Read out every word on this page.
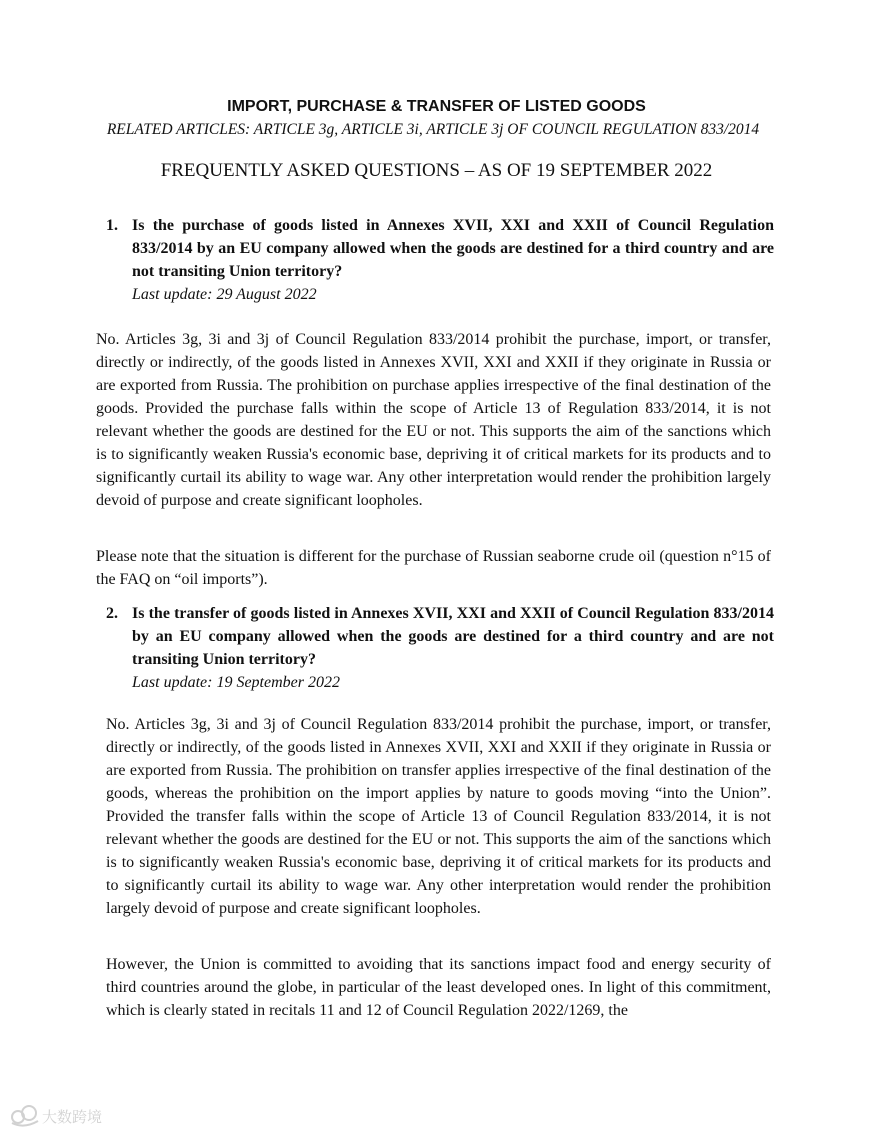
IMPORT, PURCHASE & TRANSFER OF LISTED GOODS

RELATED ARTICLES: ARTICLE 3g, ARTICLE 3i, ARTICLE 3j OF COUNCIL REGULATION 833/2014

FREQUENTLY ASKED QUESTIONS – AS OF 19 SEPTEMBER 2022

1. Is the purchase of goods listed in Annexes XVII, XXI and XXII of Council Regulation 833/2014 by an EU company allowed when the goods are destined for a third country and are not transiting Union territory?
Last update: 29 August 2022

No. Articles 3g, 3i and 3j of Council Regulation 833/2014 prohibit the purchase, import, or transfer, directly or indirectly, of the goods listed in Annexes XVII, XXI and XXII if they originate in Russia or are exported from Russia. The prohibition on purchase applies irrespective of the final destination of the goods. Provided the purchase falls within the scope of Article 13 of Regulation 833/2014, it is not relevant whether the goods are destined for the EU or not. This supports the aim of the sanctions which is to significantly weaken Russia's economic base, depriving it of critical markets for its products and to significantly curtail its ability to wage war. Any other interpretation would render the prohibition largely devoid of purpose and create significant loopholes.

Please note that the situation is different for the purchase of Russian seaborne crude oil (question n°15 of the FAQ on “oil imports”).

2. Is the transfer of goods listed in Annexes XVII, XXI and XXII of Council Regulation 833/2014 by an EU company allowed when the goods are destined for a third country and are not transiting Union territory?
Last update: 19 September 2022

No. Articles 3g, 3i and 3j of Council Regulation 833/2014 prohibit the purchase, import, or transfer, directly or indirectly, of the goods listed in Annexes XVII, XXI and XXII if they originate in Russia or are exported from Russia. The prohibition on transfer applies irrespective of the final destination of the goods, whereas the prohibition on the import applies by nature to goods moving “into the Union”. Provided the transfer falls within the scope of Article 13 of Council Regulation 833/2014, it is not relevant whether the goods are destined for the EU or not. This supports the aim of the sanctions which is to significantly weaken Russia's economic base, depriving it of critical markets for its products and to significantly curtail its ability to wage war. Any other interpretation would render the prohibition largely devoid of purpose and create significant loopholes.

However, the Union is committed to avoiding that its sanctions impact food and energy security of third countries around the globe, in particular of the least developed ones. In light of this commitment, which is clearly stated in recitals 11 and 12 of Council Regulation 2022/1269, the

大数跨境
